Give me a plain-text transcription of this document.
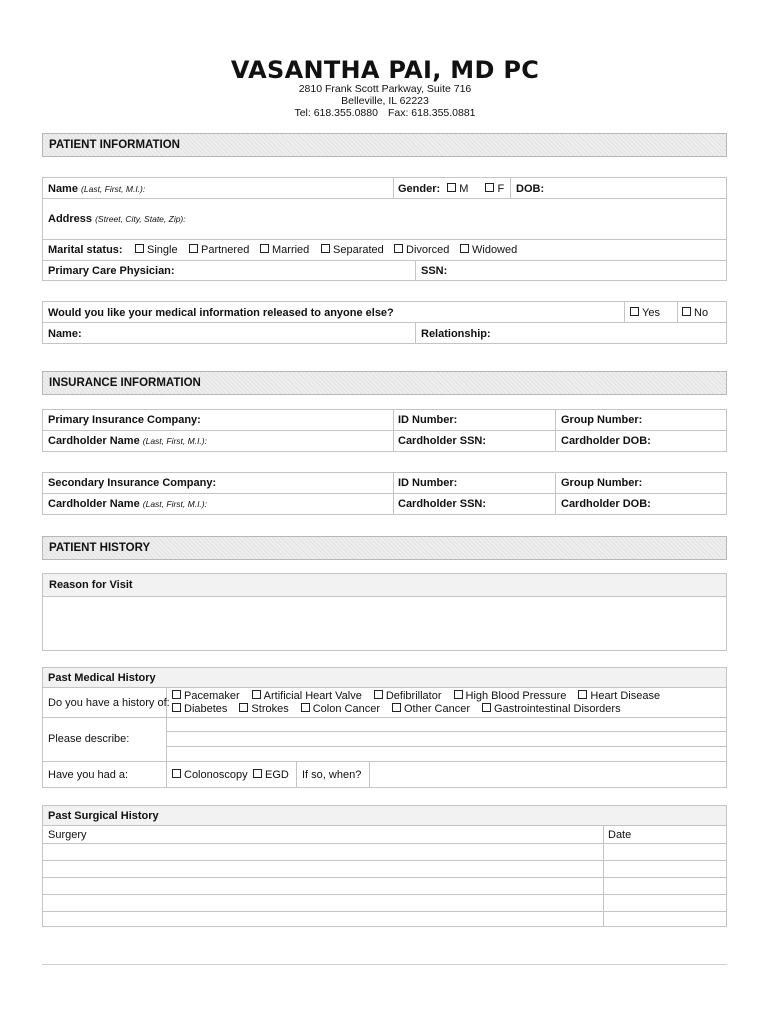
VASANTHA PAI, MD PC
2810 Frank Scott Parkway, Suite 716
Belleville, IL 62223
Tel: 618.355.0880 Fax: 618.355.0881
PATIENT INFORMATION
Name (Last, First, M.I.):	Gender: M	F DOB:
Address (Street, City, State, Zip):
Marital status:	Single	Partnered	Married	Separated	Divorced	Widowed
Primary Care Physician:	SSN:
Would you like your medical information released to anyone else?	Yes	No
Name:	Relationship:
INSURANCE INFORMATION
Primary Insurance Company:	ID Number:	Group Number:
Cardholder Name (Last, First, M.I.):	Cardholder SSN:	Cardholder DOB:
Secondary Insurance Company:	ID Number:	Group Number:
Cardholder Name (Last, First, M.I.):	Cardholder SSN:	Cardholder DOB:
PATIENT HISTORY
Reason for Visit
Past Medical History
Do you have a history of:
Pacemaker Artificial Heart Valve Defibrillator High Blood Pressure Heart Disease
Diabetes Strokes Colon Cancer Other Cancer Gastrointestinal Disorders
Please describe:
Have you had a:	Colonoscopy	EGD If so, when?
Past Surgical History
Surgery	Date
